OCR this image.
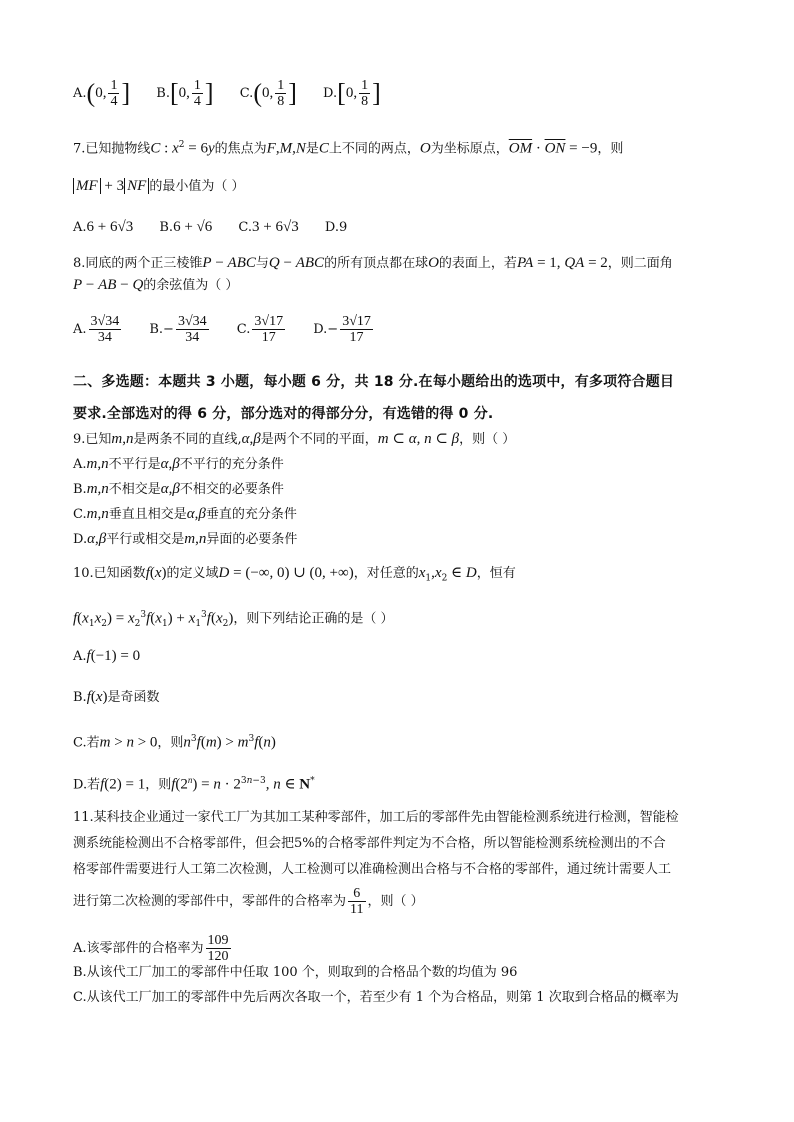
A.(0, $\frac{1}{4}$ ] B.[0, $\frac{1}{4}$ ] C.(0, $\frac{1}{8}$ ] D.[0, $\frac{1}{8}$ ]
7.已知抛物线C : $x^2 = 6y$的焦点为F,M,N是C上不同的两点，O为坐标原点，$\overline{OM} \cdot \overline{ON} = -9$，则
MF + 3 NF 的最小值为（ ）
A.6 + 6√3 B.6 + √6 C.3 + 6√3 D.9
8.同底的两个正三棱锥P − ABC与Q − ABC的所有顶点都在球O的表面上，若PA = 1, QA = 2，则二面角
P − AB − Q的余弦值为（ ）
A. $\frac{3√34}{34} B.- \frac{3√34}{34} C$. $\frac{3√17}{17} D.- \frac{3√17}{17}$
二、多选题：本题共 3 小题，每小题 6 分，共 18 分.在每小题给出的选项中，有多项符合题目
要求.全部选对的得 6 分，部分选对的得部分分，有选错的得 0 分.
9.已知m,n是两条不同的直线,α,β是两个不同的平面，m ⊂ α, n ⊂ β，则（ ）
A.m,n不平行是α,β不平行的充分条件
B.m,n不相交是α,β不相交的必要条件
C.m,n垂直且相交是α,β垂直的充分条件
D.α,β平行或相交是m,n异面的必要条件
10.已知函数f(x)的定义域D = (−∞, 0) ∪ (0, +∞)，对任意的$x_1,x_2$ ∈ D，恒有
$f(x_1x_2) = x_2^3f(x_1) + x_1^3f(x_2)$，则下列结论正确的是（ ）
A.f(−1) = 0
B.f(x)是奇函数
C.若m > n > 0，则$n^3f(m) > m^3f(n)$
D.若f(2) = 1，则$f(2^n) = n \cdot 2^{3n-3}$, n ∈ N*
11.某科技企业通过一家代工厂为其加工某种零部件，加工后的零部件先由智能检测系统进行检测，智能检
测系统能检测出不合格零部件，但会把5%的合格零部件判定为不合格，所以智能检测系统检测出的不合
格零部件需要进行人工第二次检测，人工检测可以准确检测出合格与不合格的零部件，通过统计需要人工
进行第二次检测的零部件中，零部件的合格率为 $\frac{6}{11}$ ，则（ ）
A.该零部件的合格率为 $\frac{109}{120}$
B.从该代工厂加工的零部件中任取 100 个，则取到的合格品个数的均值为 96
C.从该代工厂加工的零部件中先后两次各取一个，若至少有 1 个为合格品，则第 1 次取到合格品的概率为
